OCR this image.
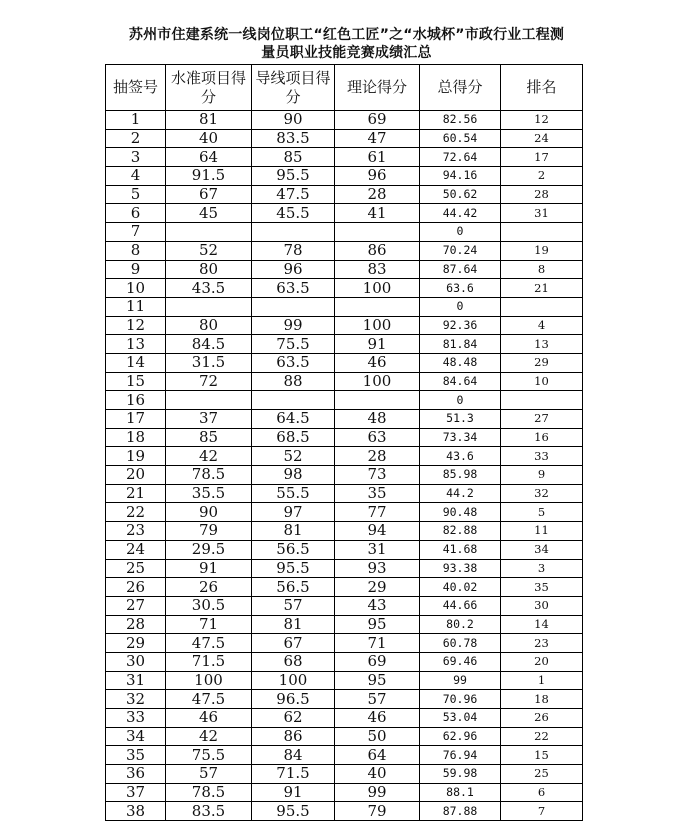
苏州市住建系统一线岗位职工“红色工匠”之“水城杯”市政行业工程测
量员职业技能竞赛成绩汇总
抽签号	水准项目得分	导线项目得分	理论得分	总得分	排名
1	81	90	69	82.56	12
2	40	83.5	47	60.54	24
3	64	85	61	72.64	17
4	91.5	95.5	96	94.16	2
5	67	47.5	28	50.62	28
6	45	45.5	41	44.42	31
7				0	
8	52	78	86	70.24	19
9	80	96	83	87.64	8
10	43.5	63.5	100	63.6	21
11				0	
12	80	99	100	92.36	4
13	84.5	75.5	91	81.84	13
14	31.5	63.5	46	48.48	29
15	72	88	100	84.64	10
16				0	
17	37	64.5	48	51.3	27
18	85	68.5	63	73.34	16
19	42	52	28	43.6	33
20	78.5	98	73	85.98	9
21	35.5	55.5	35	44.2	32
22	90	97	77	90.48	5
23	79	81	94	82.88	11
24	29.5	56.5	31	41.68	34
25	91	95.5	93	93.38	3
26	26	56.5	29	40.02	35
27	30.5	57	43	44.66	30
28	71	81	95	80.2	14
29	47.5	67	71	60.78	23
30	71.5	68	69	69.46	20
31	100	100	95	99	1
32	47.5	96.5	57	70.96	18
33	46	62	46	53.04	26
34	42	86	50	62.96	22
35	75.5	84	64	76.94	15
36	57	71.5	40	59.98	25
37	78.5	91	99	88.1	6
38	83.5	95.5	79	87.88	7
